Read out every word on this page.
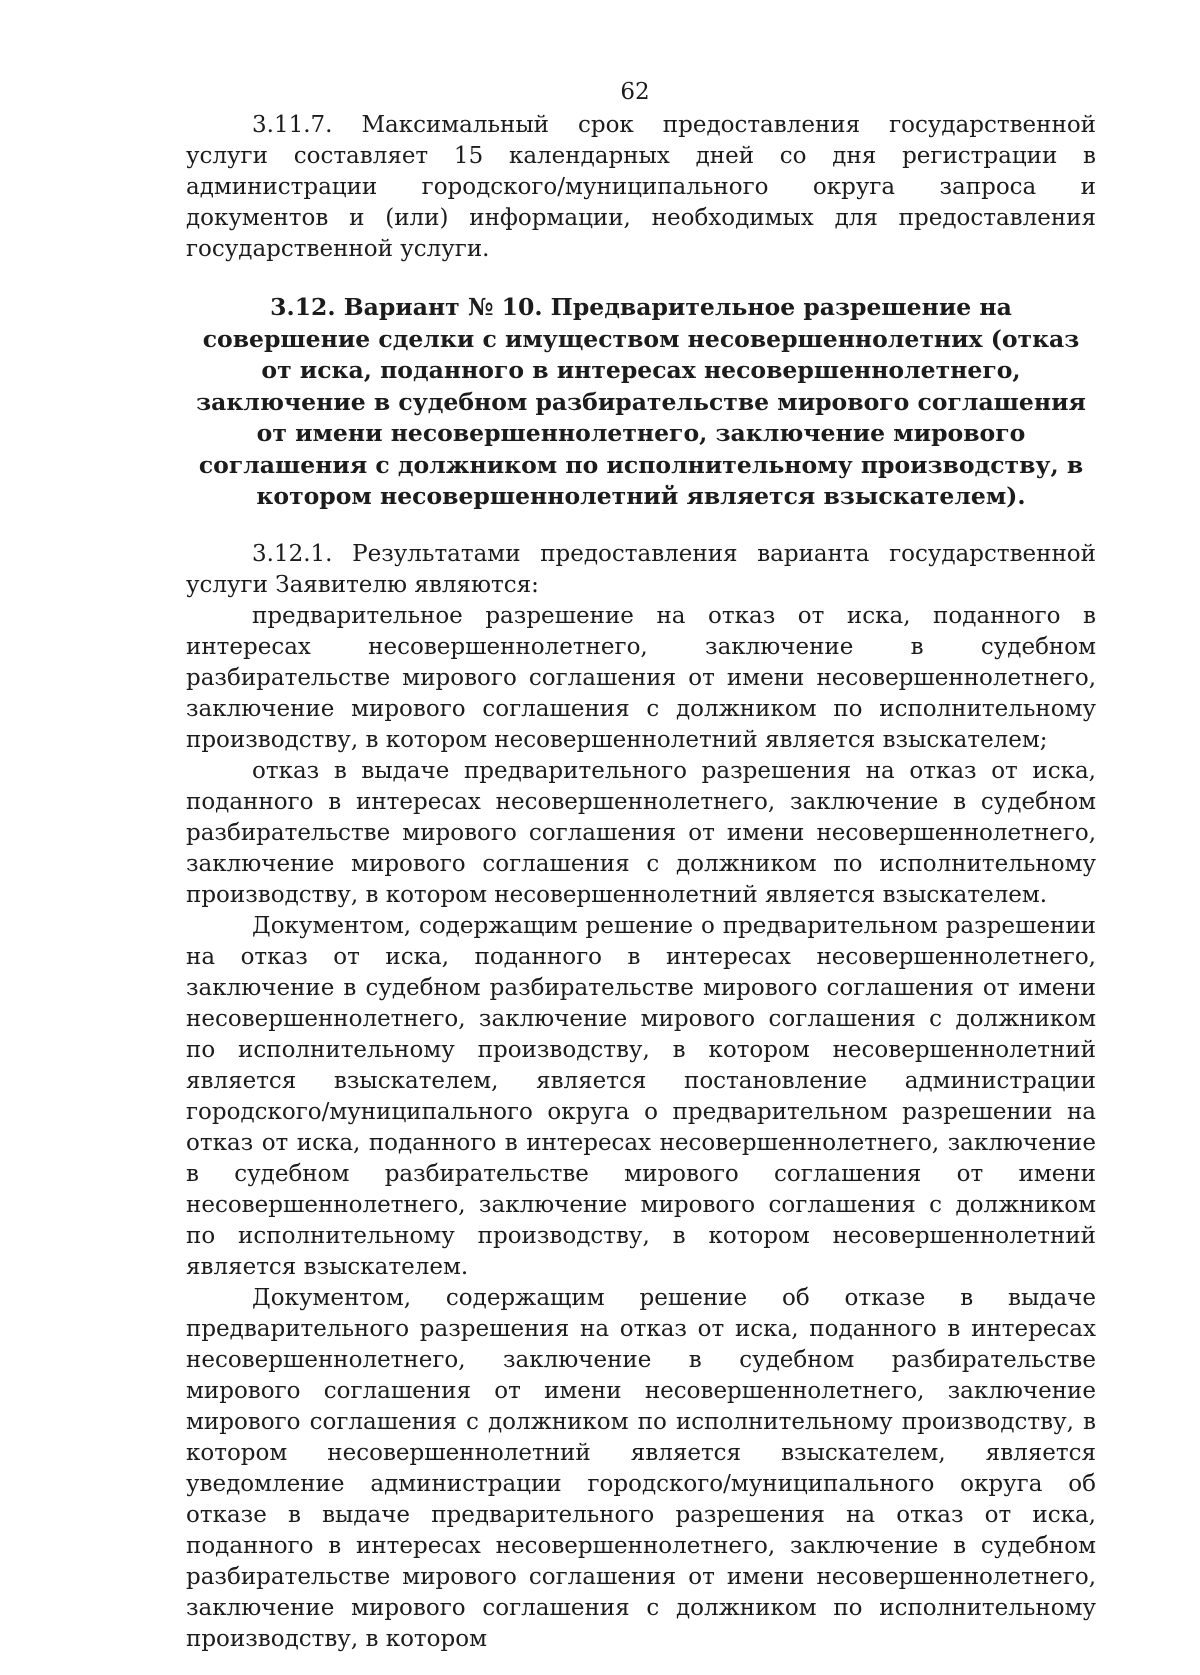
62

3.11.7. Максимальный срок предоставления государственной услуги составляет 15 календарных дней со дня регистрации в администрации городского/муниципального округа запроса и документов и (или) информации, необходимых для предоставления государственной услуги.

3.12. Вариант № 10. Предварительное разрешение на совершение сделки с имуществом несовершеннолетних (отказ от иска, поданного в интересах несовершеннолетнего, заключение в судебном разбирательстве мирового соглашения от имени несовершеннолетнего, заключение мирового соглашения с должником по исполнительному производству, в котором несовершеннолетний является взыскателем).

3.12.1. Результатами предоставления варианта государственной услуги Заявителю являются:

предварительное разрешение на отказ от иска, поданного в интересах несовершеннолетнего, заключение в судебном разбирательстве мирового соглашения от имени несовершеннолетнего, заключение мирового соглашения с должником по исполнительному производству, в котором несовершеннолетний является взыскателем;

отказ в выдаче предварительного разрешения на отказ от иска, поданного в интересах несовершеннолетнего, заключение в судебном разбирательстве мирового соглашения от имени несовершеннолетнего, заключение мирового соглашения с должником по исполнительному производству, в котором несовершеннолетний является взыскателем.

Документом, содержащим решение о предварительном разрешении на отказ от иска, поданного в интересах несовершеннолетнего, заключение в судебном разбирательстве мирового соглашения от имени несовершеннолетнего, заключение мирового соглашения с должником по исполнительному производству, в котором несовершеннолетний является взыскателем, является постановление администрации городского/муниципального округа о предварительном разрешении на отказ от иска, поданного в интересах несовершеннолетнего, заключение в судебном разбирательстве мирового соглашения от имени несовершеннолетнего, заключение мирового соглашения с должником по исполнительному производству, в котором несовершеннолетний является взыскателем.

Документом, содержащим решение об отказе в выдаче предварительного разрешения на отказ от иска, поданного в интересах несовершеннолетнего, заключение в судебном разбирательстве мирового соглашения от имени несовершеннолетнего, заключение мирового соглашения с должником по исполнительному производству, в котором несовершеннолетний является взыскателем, является уведомление администрации городского/муниципального округа об отказе в выдаче предварительного разрешения на отказ от иска, поданного в интересах несовершеннолетнего, заключение в судебном разбирательстве мирового соглашения от имени несовершеннолетнего, заключение мирового соглашения с должником по исполнительному производству, в котором
